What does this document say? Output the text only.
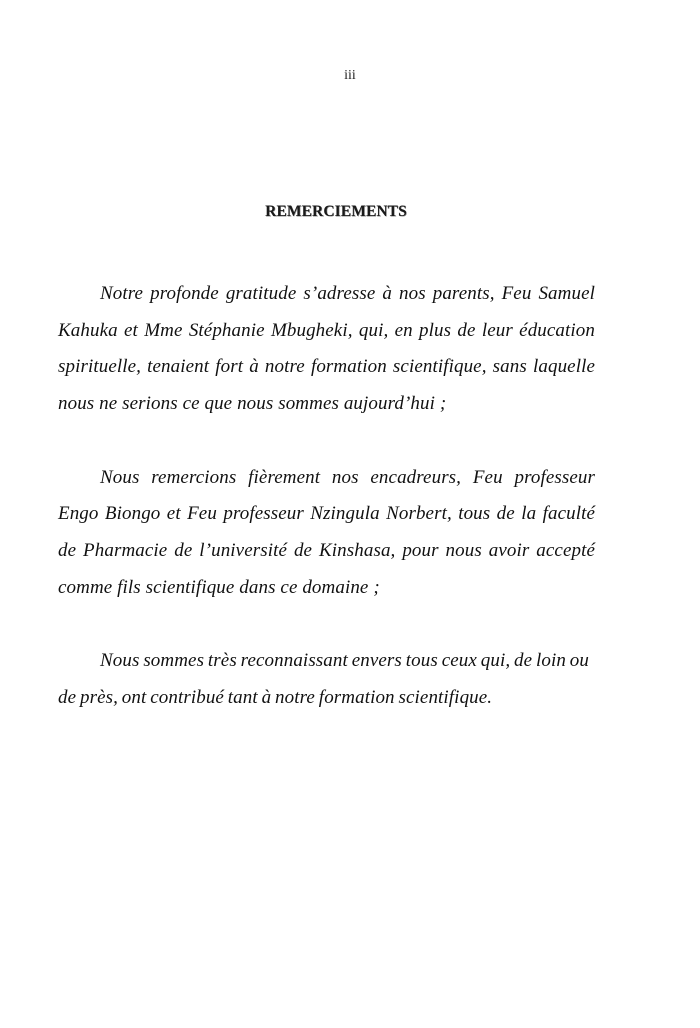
iii
REMERCIEMENTS

Notre profonde gratitude s’adresse à nos parents, Feu Samuel Kahuka et Mme Stéphanie Mbugheki, qui, en plus de leur éducation spirituelle, tenaient fort à notre formation scientifique, sans laquelle nous ne serions ce que nous sommes aujourd’hui ;

Nous remercions fièrement nos encadreurs, Feu professeur Engo Biongo et Feu professeur Nzingula Norbert, tous de la faculté de Pharmacie de l’université de Kinshasa, pour nous avoir accepté comme fils scientifique dans ce domaine ;

Nous sommes très reconnaissant envers tous ceux qui, de loin ou de près, ont contribué tant à notre formation scientifique.
